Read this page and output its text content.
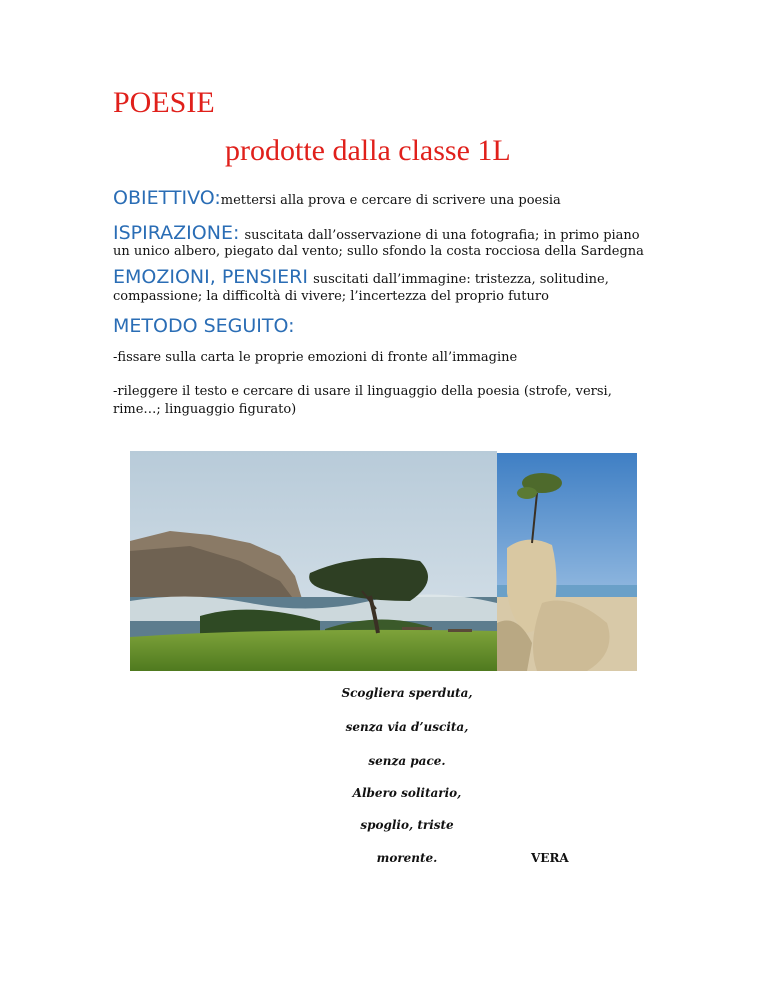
POESIE
prodotte dalla classe 1L
OBIETTIVO:mettersi alla prova e cercare di scrivere una poesia
ISPIRAZIONE: suscitata dall’osservazione di una fotografia; in primo piano
un unico albero, piegato dal vento; sullo sfondo la costa rocciosa della Sardegna
EMOZIONI, PENSIERI suscitati dall’immagine: tristezza, solitudine,
compassione; la difficoltà di vivere; l’incertezza del proprio futuro
METODO SEGUITO:
-fissare sulla carta le proprie emozioni di fronte all’immagine
-rileggere il testo e cercare di usare il linguaggio della poesia (strofe, versi,
rime…; linguaggio figurato)
Scogliera sperduta,
senza via d’uscita,
senza pace.
Albero solitario,
spoglio, triste
morente.	VERA
